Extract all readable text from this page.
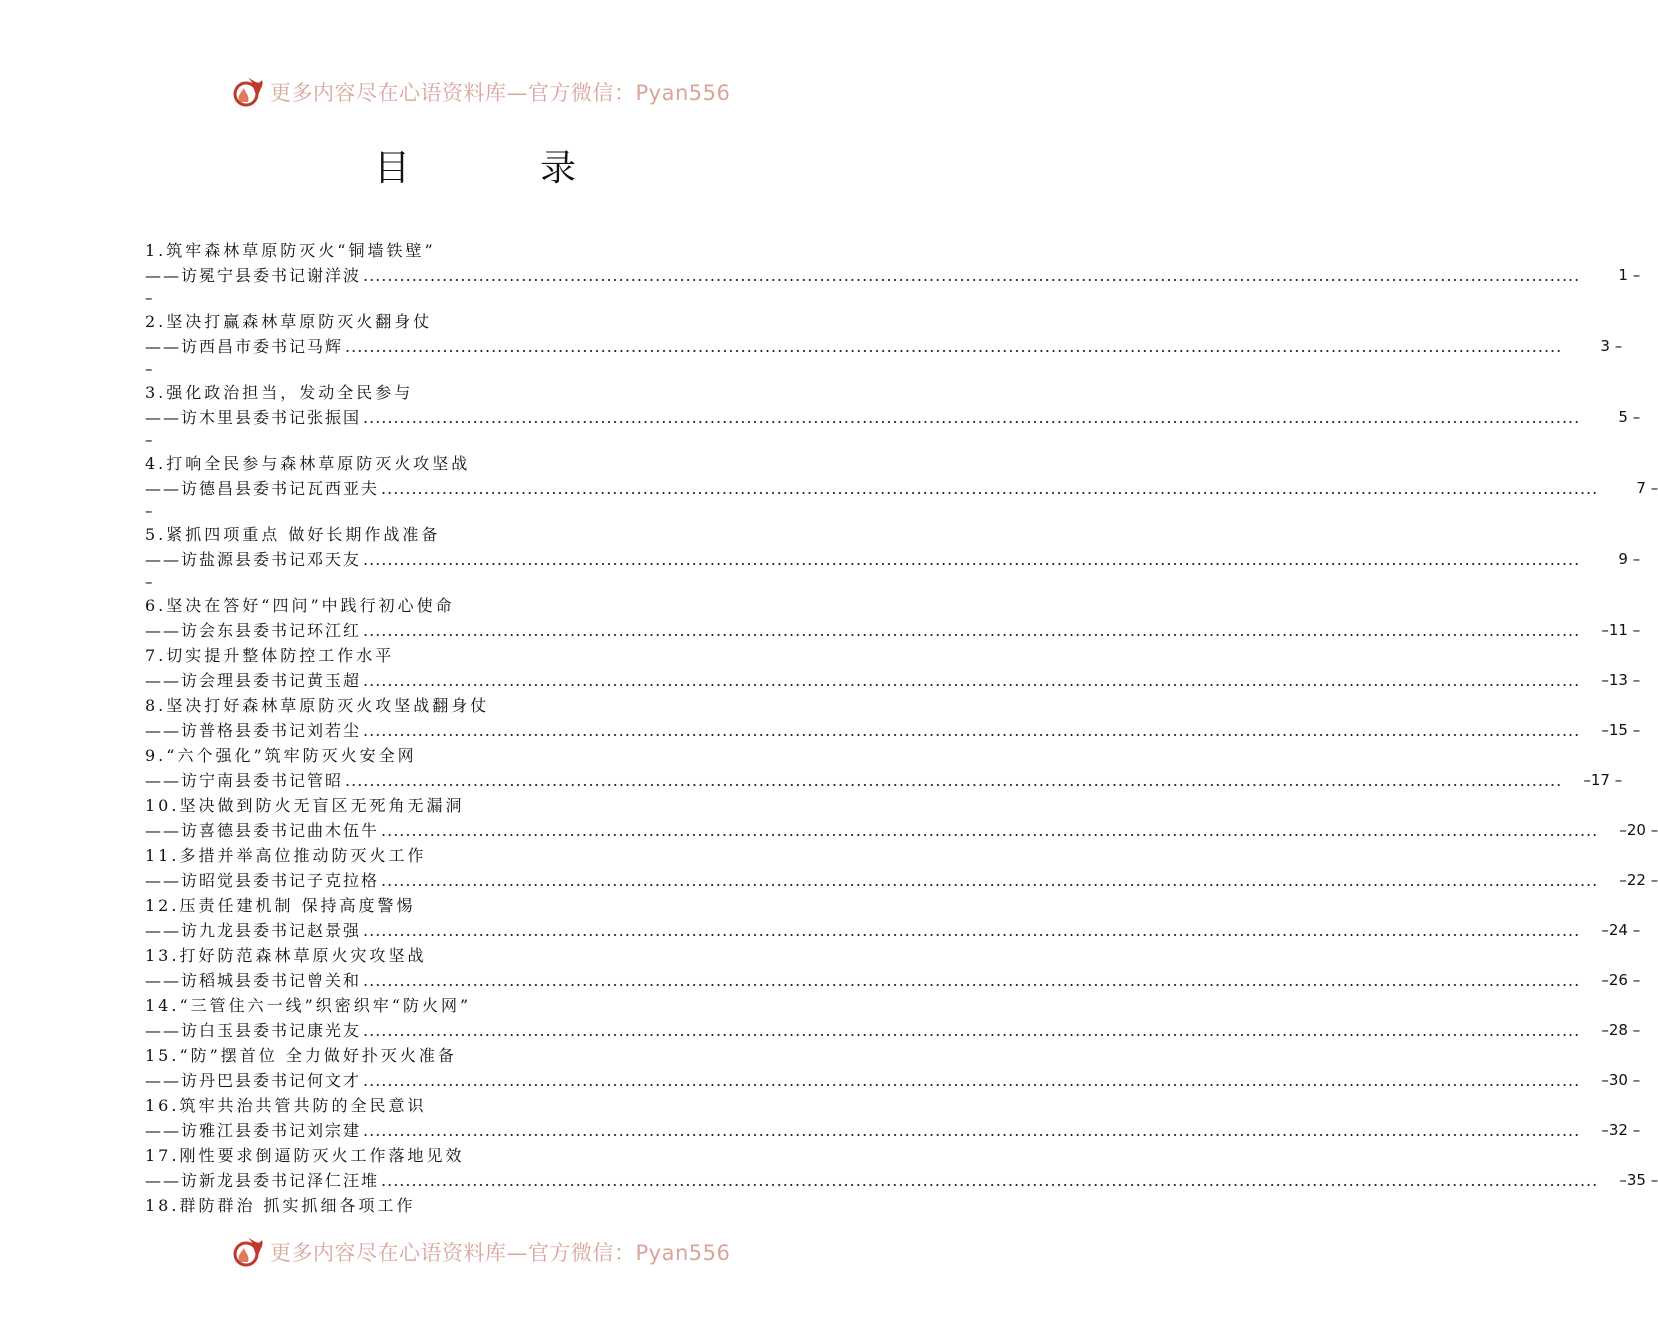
更多内容尽在心语资料库—官方微信：Pyan556
目录
1.筑牢森林草原防灭火“铜墙铁壁”
——访冕宁县委书记谢洋波 ........................................................................................................................................................................................................	1 –
–
2.坚决打赢森林草原防灭火翻身仗
——访西昌市委书记马辉 ........................................................................................................................................................................................................	3 –
–
3.强化政治担当，发动全民参与
——访木里县委书记张振国 ........................................................................................................................................................................................................	5 –
–
4.打响全民参与森林草原防灭火攻坚战
——访德昌县委书记瓦西亚夫 ........................................................................................................................................................................................................	7 –
–
5.紧抓四项重点 做好长期作战准备
——访盐源县委书记邓天友 ........................................................................................................................................................................................................	9 –
–
6.坚决在答好“四问”中践行初心使命
——访会东县委书记环江红 ........................................................................................................................................................................................................	–11 –
7.切实提升整体防控工作水平
——访会理县委书记黄玉超 ........................................................................................................................................................................................................	–13 –
8.坚决打好森林草原防灭火攻坚战翻身仗
——访普格县委书记刘若尘 ........................................................................................................................................................................................................	–15 –
9.“六个强化”筑牢防灭火安全网
——访宁南县委书记管昭 ........................................................................................................................................................................................................	–17 –
10.坚决做到防火无盲区无死角无漏洞
——访喜德县委书记曲木伍牛 ........................................................................................................................................................................................................	–20 –
11.多措并举高位推动防灭火工作
——访昭觉县委书记子克拉格 ........................................................................................................................................................................................................	–22 –
12.压责任建机制 保持高度警惕
——访九龙县委书记赵景强 ........................................................................................................................................................................................................	–24 –
13.打好防范森林草原火灾攻坚战
——访稻城县委书记曾关和 ........................................................................................................................................................................................................	–26 –
14.“三管住六一线”织密织牢“防火网”
——访白玉县委书记康光友 ........................................................................................................................................................................................................	–28 –
15.“防”摆首位 全力做好扑灭火准备
——访丹巴县委书记何文才 ........................................................................................................................................................................................................	–30 –
16.筑牢共治共管共防的全民意识
——访雅江县委书记刘宗建 ........................................................................................................................................................................................................	–32 –
17.刚性要求倒逼防灭火工作落地见效
——访新龙县委书记泽仁汪堆 ........................................................................................................................................................................................................	–35 –
18.群防群治 抓实抓细各项工作
更多内容尽在心语资料库—官方微信：Pyan556
